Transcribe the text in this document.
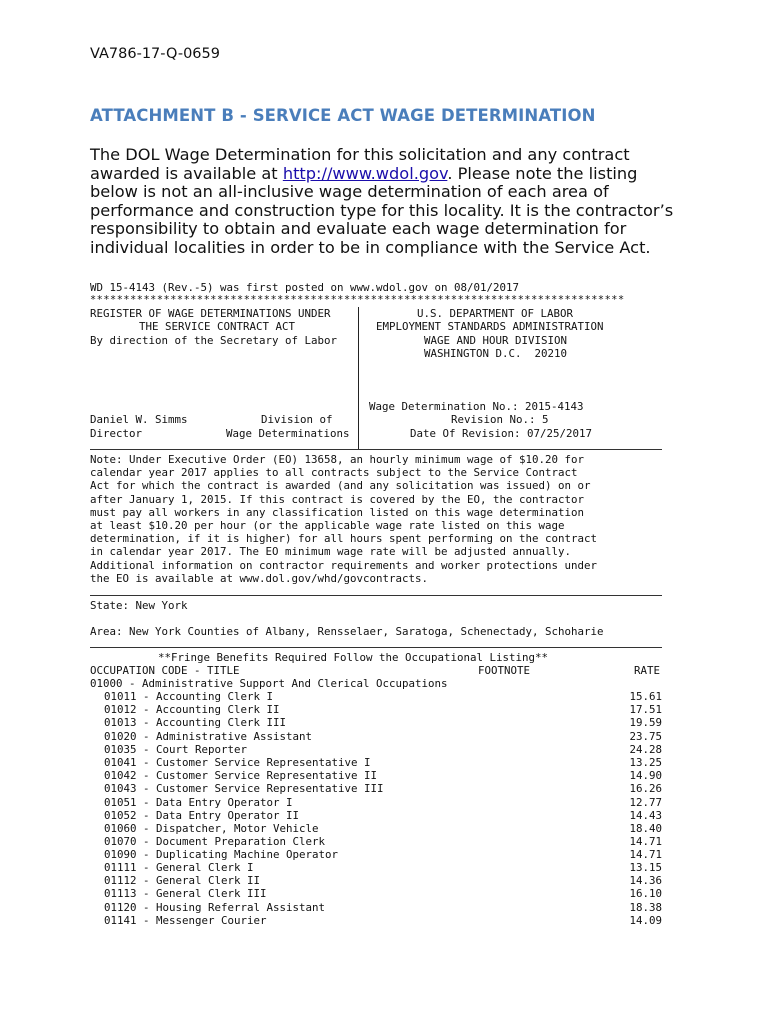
VA786-17-Q-0659
ATTACHMENT B - SERVICE ACT WAGE DETERMINATION
The DOL Wage Determination for this solicitation and any contract awarded is available at http://www.wdol.gov. Please note the listing below is not an all-inclusive wage determination of each area of performance and construction type for this locality. It is the contractor’s responsibility to obtain and evaluate each wage determination for individual localities in order to be in compliance with the Service Act.
WD 15-4143 (Rev.-5) was first posted on www.wdol.gov on 08/01/2017
********************************************************************************
REGISTER OF WAGE DETERMINATIONS UNDER
THE SERVICE CONTRACT ACT
By direction of the Secretary of Labor
U.S. DEPARTMENT OF LABOR
EMPLOYMENT STANDARDS ADMINISTRATION
WAGE AND HOUR DIVISION
WASHINGTON D.C.  20210
Wage Determination No.: 2015-4143
Daniel W. Simms	Division of	Revision No.: 5
Director	Wage Determinations	Date Of Revision: 07/25/2017
Note: Under Executive Order (EO) 13658, an hourly minimum wage of $10.20 for
calendar year 2017 applies to all contracts subject to the Service Contract
Act for which the contract is awarded (and any solicitation was issued) on or
after January 1, 2015. If this contract is covered by the EO, the contractor
must pay all workers in any classification listed on this wage determination
at least $10.20 per hour (or the applicable wage rate listed on this wage
determination, if it is higher) for all hours spent performing on the contract
in calendar year 2017. The EO minimum wage rate will be adjusted annually.
Additional information on contractor requirements and worker protections under
the EO is available at www.dol.gov/whd/govcontracts.
State: New York
Area: New York Counties of Albany, Rensselaer, Saratoga, Schenectady, Schoharie
**Fringe Benefits Required Follow the Occupational Listing**
OCCUPATION CODE - TITLE	FOOTNOTE	RATE
01000 - Administrative Support And Clerical Occupations
01011 - Accounting Clerk I	15.61
01012 - Accounting Clerk II	17.51
01013 - Accounting Clerk III	19.59
01020 - Administrative Assistant	23.75
01035 - Court Reporter	24.28
01041 - Customer Service Representative I	13.25
01042 - Customer Service Representative II	14.90
01043 - Customer Service Representative III	16.26
01051 - Data Entry Operator I	12.77
01052 - Data Entry Operator II	14.43
01060 - Dispatcher, Motor Vehicle	18.40
01070 - Document Preparation Clerk	14.71
01090 - Duplicating Machine Operator	14.71
01111 - General Clerk I	13.15
01112 - General Clerk II	14.36
01113 - General Clerk III	16.10
01120 - Housing Referral Assistant	18.38
01141 - Messenger Courier	14.09
